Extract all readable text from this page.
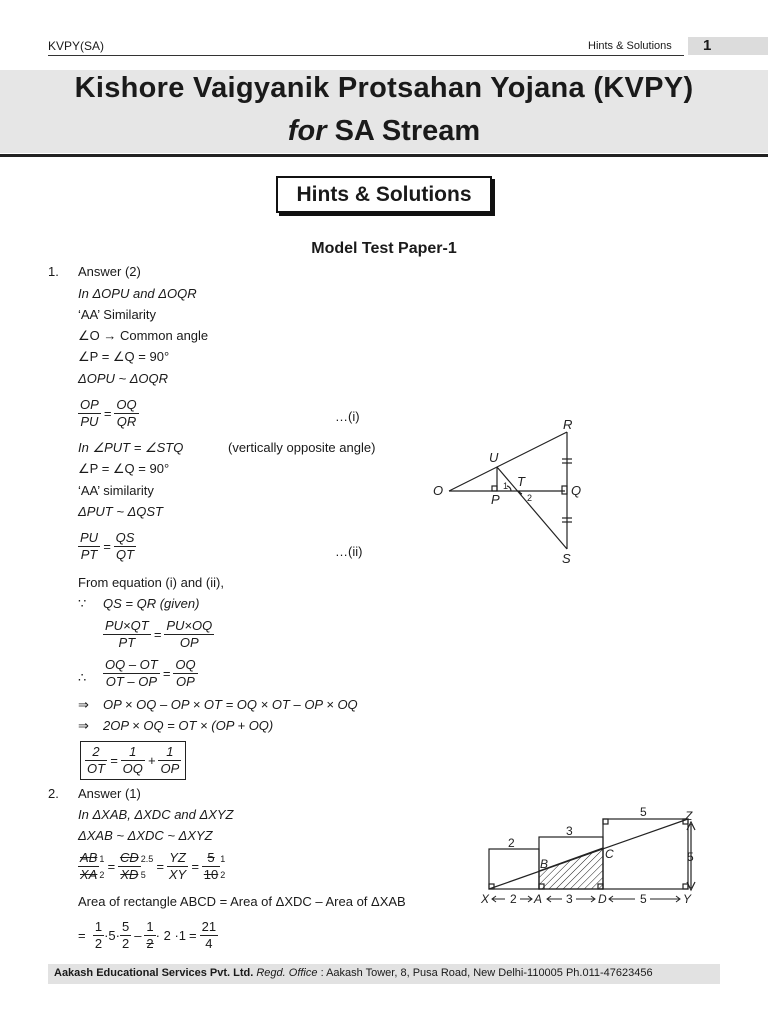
KVPY(SA)	Hints & Solutions 1
Kishore Vaigyanik Protsahan Yojana (KVPY)
for SA Stream
Hints & Solutions
Model Test Paper-1
1. Answer (2)
In ΔOPU and ΔOQR
‘AA’ Similarity
∠O → Common angle
∠P = ∠Q = 90°
ΔOPU ~ ΔOQR
$\frac{OP}{PU} = \frac{OQ}{QR}$	…(i)
In ∠PUT = ∠STQ	(vertically opposite angle)
∠P = ∠Q = 90°
‘AA’ similarity
ΔPUT ~ ΔQST
$\frac{PU}{PT} = \frac{QS}{QT}$	…(ii)
From equation (i) and (ii),
∵ QS = QR (given)
$\frac{PU\times QT}{PT} = \frac{PU\times OQ}{OP}$
∴ $\frac{OQ - OT}{OT - OP} = \frac{OQ}{OP}$
⇒ OP × OQ – OP × OT = OQ × OT – OP × OQ
⇒ 2OP × OQ = OT × (OP + OQ)
$\frac{2}{OT} = \frac{1}{OQ} + \frac{1}{OP}$
R
U
T
O
P
Q
S
1
2
2. Answer (1)
In ΔXAB, ΔXDC and ΔXYZ
ΔXAB ~ ΔXDC ~ ΔXYZ
$\frac{AB}{XA} 1$
2
= $\frac{CD}{XD} 2.5$
5
= $\frac{YZ}{XY} = \frac{5}{10} 1$
2
Area of rectangle ABCD = Area of ΔXDC – Area of ΔXAB
=
$\frac{1}{2} \cdot 5\cdot \frac{5}{2} - \frac{1}{2} \cdot 2 \cdot 1 = \frac{21}{4}$
5	Z
3
2
C
B	5
X 2 A 3 D	5	Y
Aakash Educational Services Pvt. Ltd. Regd. Office : Aakash Tower, 8, Pusa Road, New Delhi-110005 Ph.011-47623456
